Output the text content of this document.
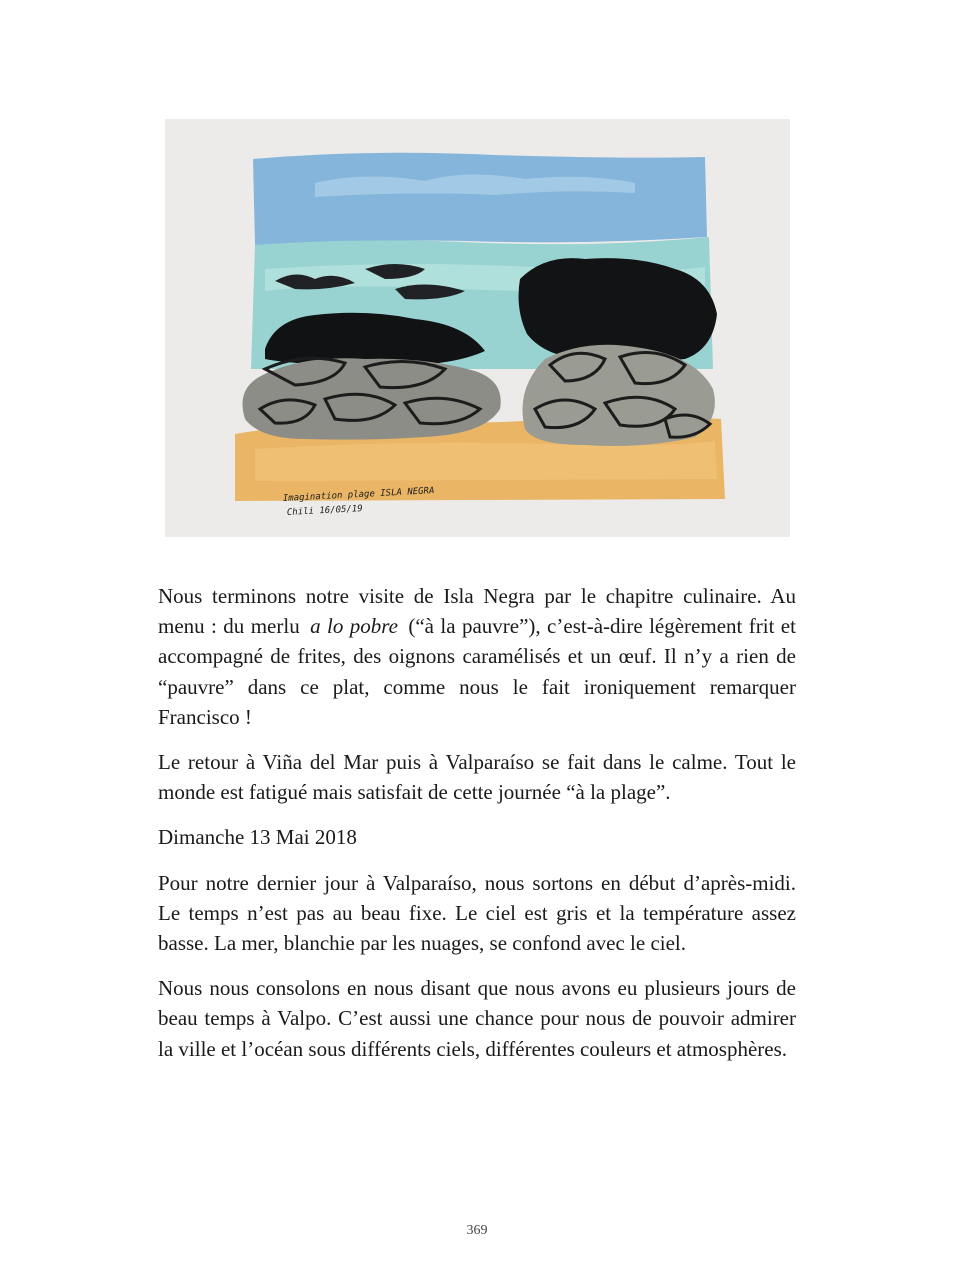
Imagination plage ISLA NEGRA
Chili 16/05/19

Nous terminons notre visite de Isla Negra par le chapitre culinaire. Au menu : du merlu a lo pobre (“à la pauvre”), c’est-à-dire légèrement frit et accompagné de frites, des oignons caramélisés et un œuf. Il n’y a rien de “pauvre” dans ce plat, comme nous le fait ironiquement remarquer Francisco !

Le retour à Viña del Mar puis à Valparaíso se fait dans le calme. Tout le monde est fatigué mais satisfait de cette journée “à la plage”.

Dimanche 13 Mai 2018

Pour notre dernier jour à Valparaíso, nous sortons en début d’après-midi. Le temps n’est pas au beau fixe. Le ciel est gris et la température assez basse. La mer, blanchie par les nuages, se confond avec le ciel.

Nous nous consolons en nous disant que nous avons eu plusieurs jours de beau temps à Valpo. C’est aussi une chance pour nous de pouvoir admirer la ville et l’océan sous différents ciels, différentes couleurs et atmosphères.

369
